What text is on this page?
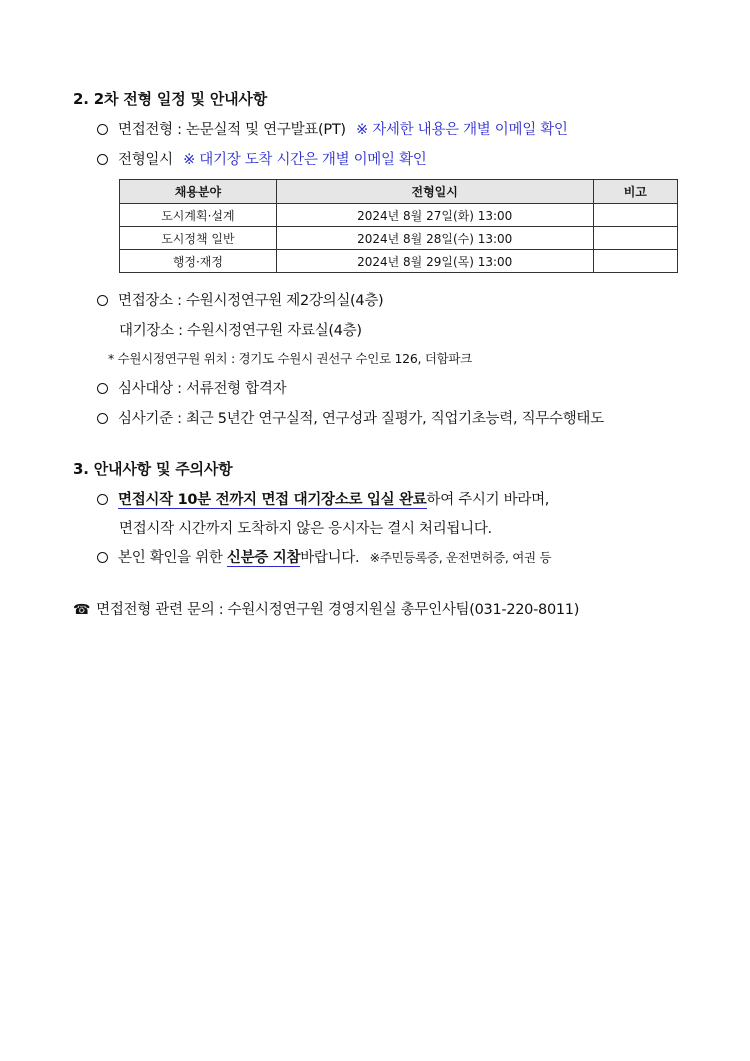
2. 2차 전형 일정 및 안내사항
면접전형 : 논문실적 및 연구발표(PT) ※ 자세한 내용은 개별 이메일 확인
전형일시 ※ 대기장 도착 시간은 개별 이메일 확인
채용분야	전형일시	비고
도시계획·설계	2024년 8월 27일(화) 13:00	
도시정책 일반	2024년 8월 28일(수) 13:00	
행정·재정	2024년 8월 29일(목) 13:00	
면접장소 : 수원시정연구원 제2강의실(4층)
대기장소 : 수원시정연구원 자료실(4층)
* 수원시정연구원 위치 : 경기도 수원시 권선구 수인로 126, 더함파크
심사대상 : 서류전형 합격자
심사기준 : 최근 5년간 연구실적, 연구성과 질평가, 직업기초능력, 직무수행태도
3. 안내사항 및 주의사항
면접시작 10분 전까지 면접 대기장소로 입실 완료하여 주시기 바라며,
면접시작 시간까지 도착하지 않은 응시자는 결시 처리됩니다.
본인 확인을 위한 신분증 지참바랍니다. ※주민등록증, 운전면허증, 여권 등
☎ 면접전형 관련 문의 : 수원시정연구원 경영지원실 총무인사팀(031-220-8011)
